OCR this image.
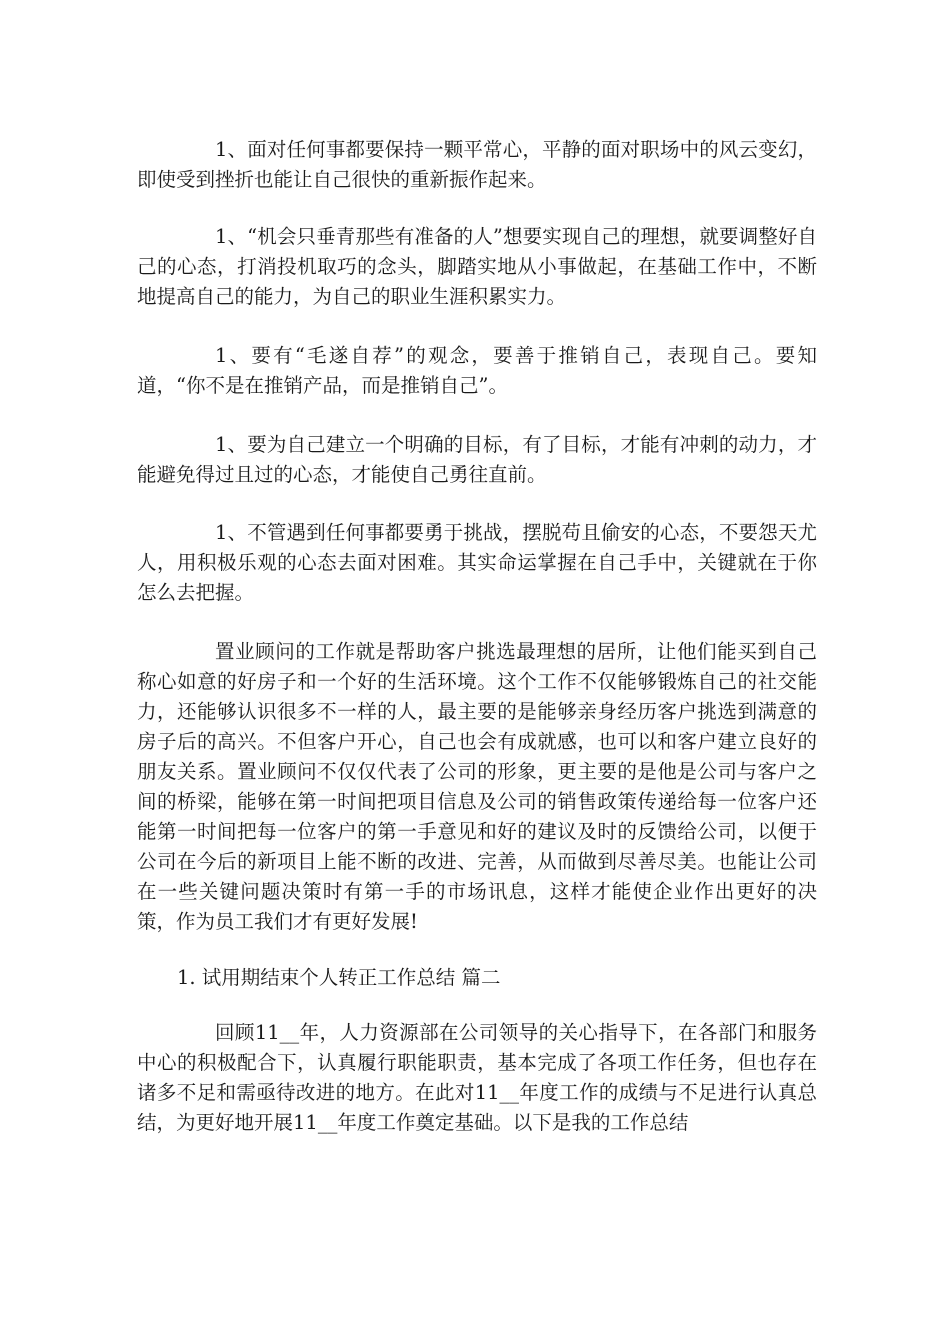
1、面对任何事都要保持一颗平常心，平静的面对职场中的风云变幻，即使受到挫折也能让自己很快的重新振作起来。

1、“机会只垂青那些有准备的人”想要实现自己的理想，就要调整好自己的心态，打消投机取巧的念头，脚踏实地从小事做起，在基础工作中，不断地提高自己的能力，为自己的职业生涯积累实力。

1、要有“毛遂自荐”的观念，要善于推销自己，表现自己。要知道，“你不是在推销产品，而是推销自己”。

1、要为自己建立一个明确的目标，有了目标，才能有冲刺的动力，才能避免得过且过的心态，才能使自己勇往直前。

1、不管遇到任何事都要勇于挑战，摆脱苟且偷安的心态，不要怨天尤人，用积极乐观的心态去面对困难。其实命运掌握在自己手中，关键就在于你怎么去把握。

置业顾问的工作就是帮助客户挑选最理想的居所，让他们能买到自己称心如意的好房子和一个好的生活环境。这个工作不仅能够锻炼自己的社交能力，还能够认识很多不一样的人，最主要的是能够亲身经历客户挑选到满意的房子后的高兴。不但客户开心，自己也会有成就感，也可以和客户建立良好的朋友关系。置业顾问不仅仅代表了公司的形象，更主要的是他是公司与客户之间的桥梁，能够在第一时间把项目信息及公司的销售政策传递给每一位客户还能第一时间把每一位客户的第一手意见和好的建议及时的反馈给公司，以便于公司在今后的新项目上能不断的改进、完善，从而做到尽善尽美。也能让公司在一些关键问题决策时有第一手的市场讯息，这样才能使企业作出更好的决策，作为员工我们才有更好发展!

1. 试用期结束个人转正工作总结 篇二

回顾11__年，人力资源部在公司领导的关心指导下，在各部门和服务中心的积极配合下，认真履行职能职责，基本完成了各项工作任务，但也存在诸多不足和需亟待改进的地方。在此对11__年度工作的成绩与不足进行认真总结，为更好地开展11__年度工作奠定基础。以下是我的工作总结
